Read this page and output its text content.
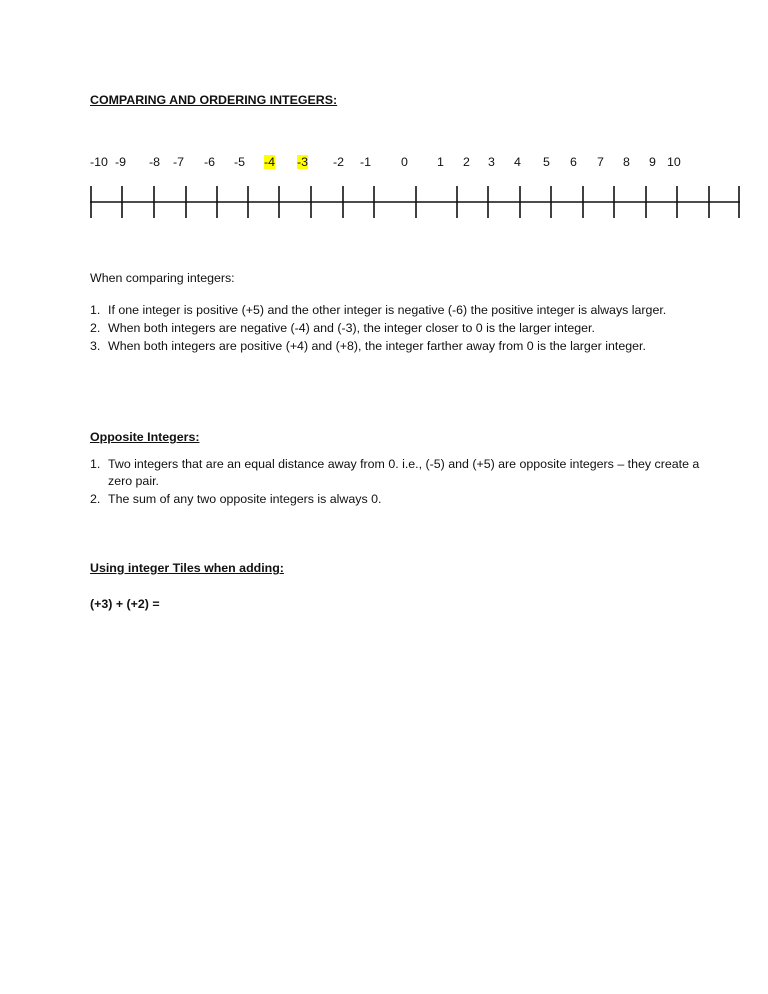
COMPARING AND ORDERING INTEGERS:
-10 -9 -8 -7 -6 -5 -4 -3 -2 -1 0 1 2 3 4 5 6 7 8 9 10
When comparing integers:
1. If one integer is positive (+5) and the other integer is negative (-6) the positive integer is always larger.
2. When both integers are negative (-4) and (-3), the integer closer to 0 is the larger integer.
3. When both integers are positive (+4) and (+8), the integer farther away from 0 is the larger integer.
Opposite Integers:
1. Two integers that are an equal distance away from 0. i.e., (-5) and (+5) are opposite integers – they create a zero pair.
2. The sum of any two opposite integers is always 0.
Using integer Tiles when adding:
(+3) + (+2) =
